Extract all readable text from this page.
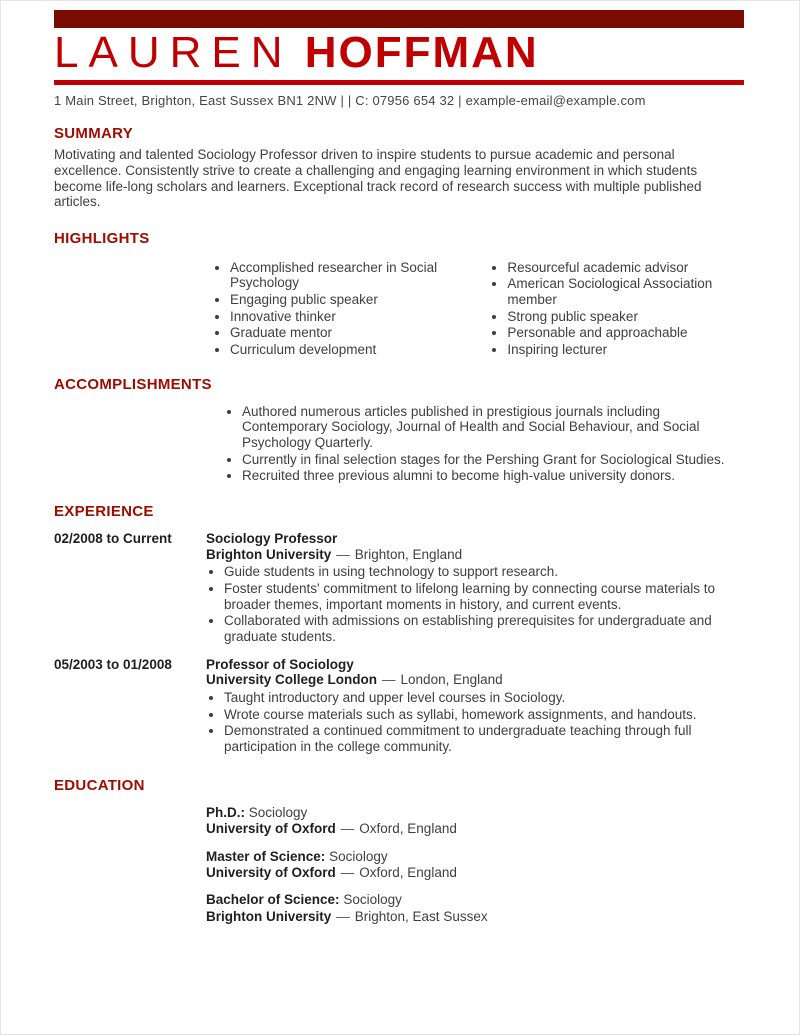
LAUREN HOFFMAN
1 Main Street, Brighton, East Sussex BN1 2NW | | C: 07956 654 32 | example-email@example.com
SUMMARY

Motivating and talented Sociology Professor driven to inspire students to pursue academic and personal excellence. Consistently strive to create a challenging and engaging learning environment in which students become life-long scholars and learners. Exceptional track record of research success with multiple published articles.

HIGHLIGHTS
• Accomplished researcher in Social Psychology
• Engaging public speaker
• Innovative thinker
• Graduate mentor
• Curriculum development
• Resourceful academic advisor
• American Sociological Association member
• Strong public speaker
• Personable and approachable
• Inspiring lecturer
ACCOMPLISHMENTS
• Authored numerous articles published in prestigious journals including Contemporary Sociology, Journal of Health and Social Behaviour, and Social Psychology Quarterly.
• Currently in final selection stages for the Pershing Grant for Sociological Studies.
• Recruited three previous alumni to become high-value university donors.
EXPERIENCE
02/2008 to Current	Sociology Professor
Brighton University — Brighton, England
• Guide students in using technology to support research.
• Foster students' commitment to lifelong learning by connecting course materials to broader themes, important moments in history, and current events.
• Collaborated with admissions on establishing prerequisites for undergraduate and graduate students.
05/2003 to 01/2008	Professor of Sociology
University College London — London, England
• Taught introductory and upper level courses in Sociology.
• Wrote course materials such as syllabi, homework assignments, and handouts.
• Demonstrated a continued commitment to undergraduate teaching through full participation in the college community.
EDUCATION
Ph.D.: Sociology
University of Oxford — Oxford, England
Master of Science: Sociology
University of Oxford — Oxford, England
Bachelor of Science: Sociology
Brighton University — Brighton, East Sussex
